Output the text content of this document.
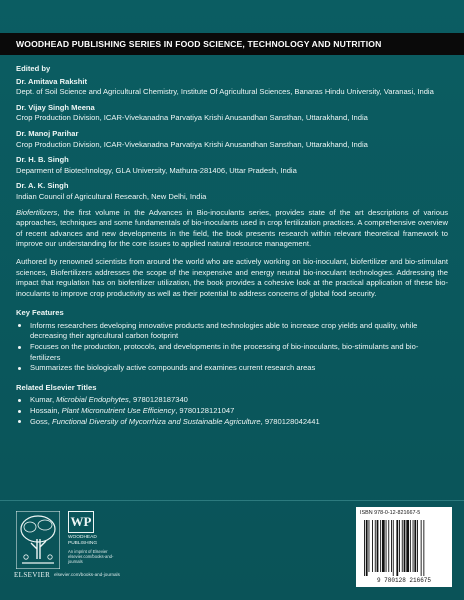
WOODHEAD PUBLISHING SERIES IN FOOD SCIENCE, TECHNOLOGY AND NUTRITION
Edited by
Dr. Amitava Rakshit
Dept. of Soil Science and Agricultural Chemistry, Institute Of Agricultural Sciences, Banaras Hindu University, Varanasi, India
Dr. Vijay Singh Meena
Crop Production Division, ICAR-Vivekanadna Parvatiya Krishi Anusandhan Sansthan, Uttarakhand, India
Dr. Manoj Parihar
Crop Production Division, ICAR-Vivekanadna Parvatiya Krishi Anusandhan Sansthan, Uttarakhand, India
Dr. H. B. Singh
Deparment of Biotechnology, GLA University, Mathura-281406, Uttar Pradesh, India
Dr. A. K. Singh
Indian Council of Agricultural Research, New Delhi, India

Biofertilizers, the first volume in the Advances in Bio-inoculants series, provides state of the art descriptions of various approaches, techniques and some fundamentals of bio-inoculants used in crop fertilization practices. A comprehensive overview of recent advances and new developments in the field, the book presents research within relevant theoretical framework to improve our understanding for the core issues to applied natural resource management.

Authored by renowned scientists from around the world who are actively working on bio-inoculant, biofertilizer and bio-stimulant sciences, Biofertilizers addresses the scope of the inexpensive and energy neutral bio-inoculant technologies. Addressing the impact that regulation has on biofertilizer utilization, the book provides a cohesive look at the practical application of these bio-inoculants to improve crop productivity as well as their potential to address concerns of global food security.

Key Features
Informs researchers developing innovative products and technologies able to increase crop yields and quality, while decreasing their agricultural carbon footprint
Focuses on the production, protocols, and developments in the processing of bio-inoculants, bio-stimulants and bio-fertilizers
Summarizes the biologically active compounds and examines current research areas
Related Elsevier Titles
Kumar, Microbial Endophytes, 9780128187340
Hossain, Plant Micronutrient Use Efficiency, 9780128121047
Goss, Functional Diversity of Mycorrhiza and Sustainable Agriculture, 9780128042441
ELSEVIER elsevier.com/books-and-journals
WP
WOODHEAD
PUBLISHING
An imprint of Elsevier
elsevier.com/books-and-journals
ISBN 978-0-12-821667-5
9 780128 216675
